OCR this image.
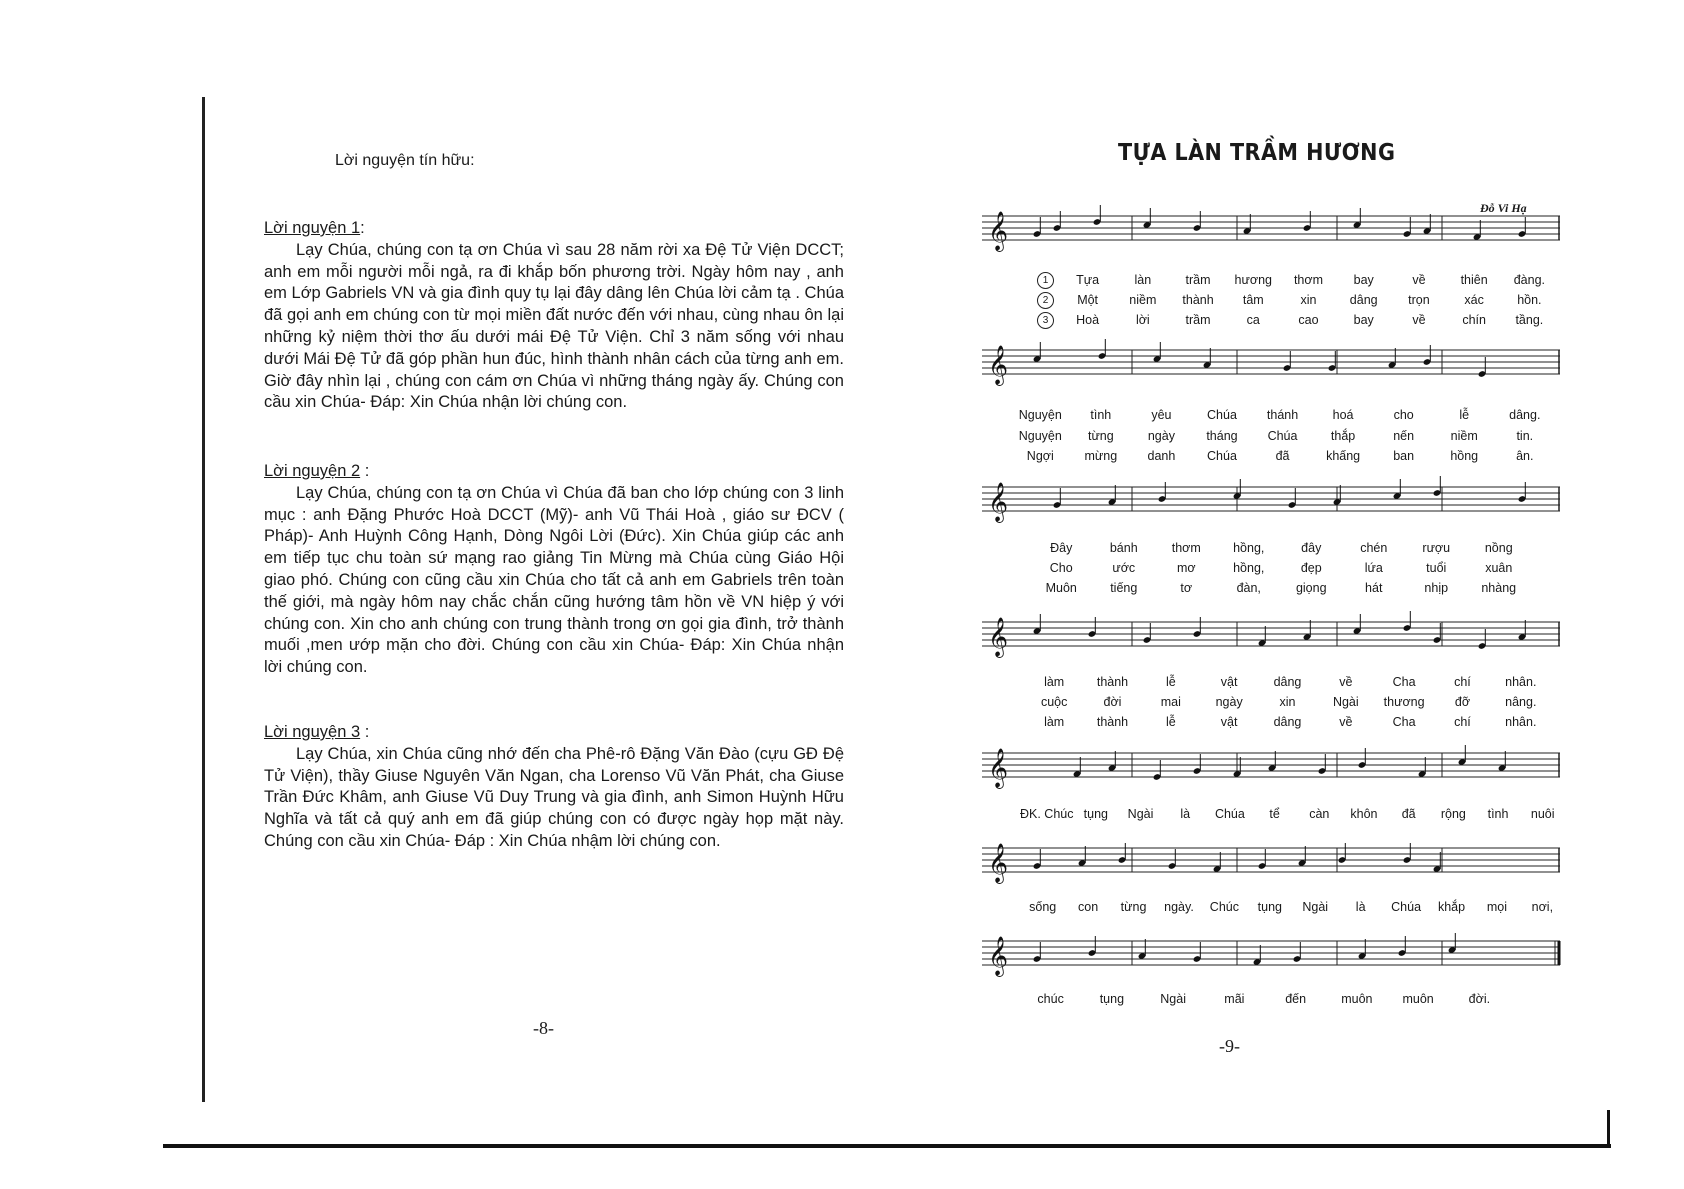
Lời nguyện tín hữu:
Lời nguyện 1:
Lạy Chúa, chúng con tạ ơn Chúa vì sau 28 năm rời xa Đệ Tử Viện DCCT; anh em mỗi người mỗi ngả, ra đi khắp bốn phương trời. Ngày hôm nay , anh em Lớp Gabriels VN và gia đình quy tụ lại đây dâng lên Chúa lời cảm tạ . Chúa đã gọi anh em chúng con từ mọi miền đất nước đến với nhau, cùng nhau ôn lại những kỷ niệm thời thơ ấu dưới mái Đệ Tử Viện. Chỉ 3 năm sống với nhau dưới Mái Đệ Tử đã góp phần hun đúc, hình thành nhân cách của từng anh em. Giờ đây nhìn lại , chúng con cám ơn Chúa vì những tháng ngày ấy. Chúng con cầu xin Chúa- Đáp: Xin Chúa nhận lời chúng con.
Lời nguyện 2 :
Lạy Chúa, chúng con tạ ơn Chúa vì Chúa đã ban cho lớp chúng con 3 linh mục : anh Đặng Phước Hoà DCCT (Mỹ)- anh Vũ Thái Hoà , giáo sư ĐCV ( Pháp)- Anh Huỳnh Công Hạnh, Dòng Ngôi Lời (Đức). Xin Chúa giúp các anh em tiếp tục chu toàn sứ mạng rao giảng Tin Mừng mà Chúa cùng Giáo Hội giao phó. Chúng con cũng cầu xin Chúa cho tất cả anh em Gabriels trên toàn thế giới, mà ngày hôm nay chắc chắn cũng hướng tâm hồn về VN hiệp ý với chúng con. Xin cho anh chúng con trung thành trong ơn gọi gia đình, trở thành muối ,men ướp mặn cho đời. Chúng con cầu xin Chúa- Đáp: Xin Chúa nhận lời chúng con.
Lời nguyện 3 :
Lạy Chúa, xin Chúa cũng nhớ đến cha Phê-rô Đặng Văn Đào (cựu GĐ Đệ Tử Viện), thầy Giuse Nguyên Văn Ngan, cha Lorenso Vũ Văn Phát, cha Giuse Trần Đức Khâm, anh Giuse Vũ Duy Trung và gia đình, anh Simon Huỳnh Hữu Nghĩa và tất cả quý anh em đã giúp chúng con có được ngày họp mặt này. Chúng con cầu xin Chúa- Đáp : Xin Chúa nhậm lời chúng con.
-8-
TỰA LÀN TRẦM HƯƠNG
Đỗ Vi Hạ
𝄞
𝄞
𝄞
𝄞
𝄞
𝄞
𝄞
1	Tựa	làn	trầm	hương	thơm	bay	về	thiên	đàng.
2	Một	niềm	thành	tâm	xin	dâng	trọn	xác	hồn.
3	Hoà	lời	trầm	ca	cao	bay	về	chín	tầng.
Nguyện	tình	yêu	Chúa	thánh	hoá	cho	lễ	dâng.
Nguyện	từng	ngày	tháng	Chúa	thắp	nến	niềm	tin.
Ngợi	mừng	danh	Chúa	đã	khấng	ban	hồng	ân.
Đây	bánh	thơm	hồng,	đây	chén	rượu	nồng
Cho	ước	mơ	hồng,	đẹp	lứa	tuổi	xuân
Muôn	tiếng	tơ	đàn,	giọng	hát	nhịp	nhàng
làm	thành	lễ	vật	dâng	về	Cha	chí	nhân.
cuộc	đời	mai	ngày	xin	Ngài	thương	đỡ	nâng.
làm	thành	lễ	vật	dâng	về	Cha	chí	nhân.
ĐK. Chúc tụng	Ngài	là	Chúa	tể	càn	khôn	đã	rộng	tình	nuôi
sống	con	từng	ngày.	Chúc	tụng	Ngài	là	Chúa	khắp	mọi	nơi,
chúc	tụng	Ngài	mãi	đến	muôn	muôn	đời.
-9-
